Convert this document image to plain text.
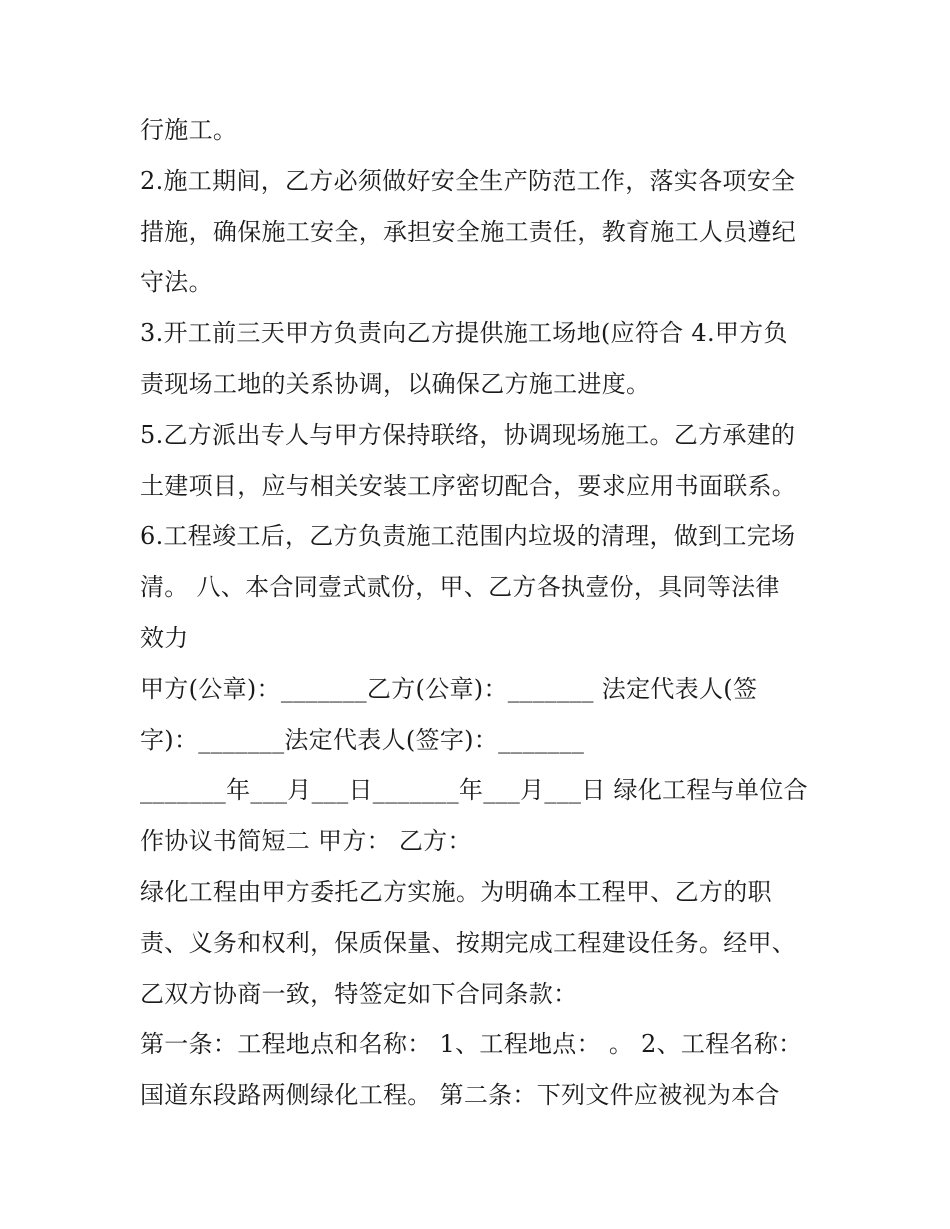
行施工。
2.施工期间，乙方必须做好安全生产防范工作，落实各项安全
措施，确保施工安全，承担安全施工责任，教育施工人员遵纪
守法。
3.开工前三天甲方负责向乙方提供施工场地(应符合 4.甲方负
责现场工地的关系协调，以确保乙方施工进度。
5.乙方派出专人与甲方保持联络，协调现场施工。乙方承建的
土建项目，应与相关安装工序密切配合，要求应用书面联系。
6.工程竣工后，乙方负责施工范围内垃圾的清理，做到工完场
清。 八、本合同壹式贰份，甲、乙方各执壹份，具同等法律
效力
甲方(公章)：_______乙方(公章)：_______ 法定代表人(签
字)：_______法定代表人(签字)：_______
_______年___月___日_______年___月___日 绿化工程与单位合
作协议书简短二 甲方： 乙方：
绿化工程由甲方委托乙方实施。为明确本工程甲、乙方的职
责、义务和权利，保质保量、按期完成工程建设任务。经甲、
乙双方协商一致，特签定如下合同条款：
第一条：工程地点和名称： 1、工程地点： 。 2、工程名称：
国道东段路两侧绿化工程。 第二条：下列文件应被视为本合
